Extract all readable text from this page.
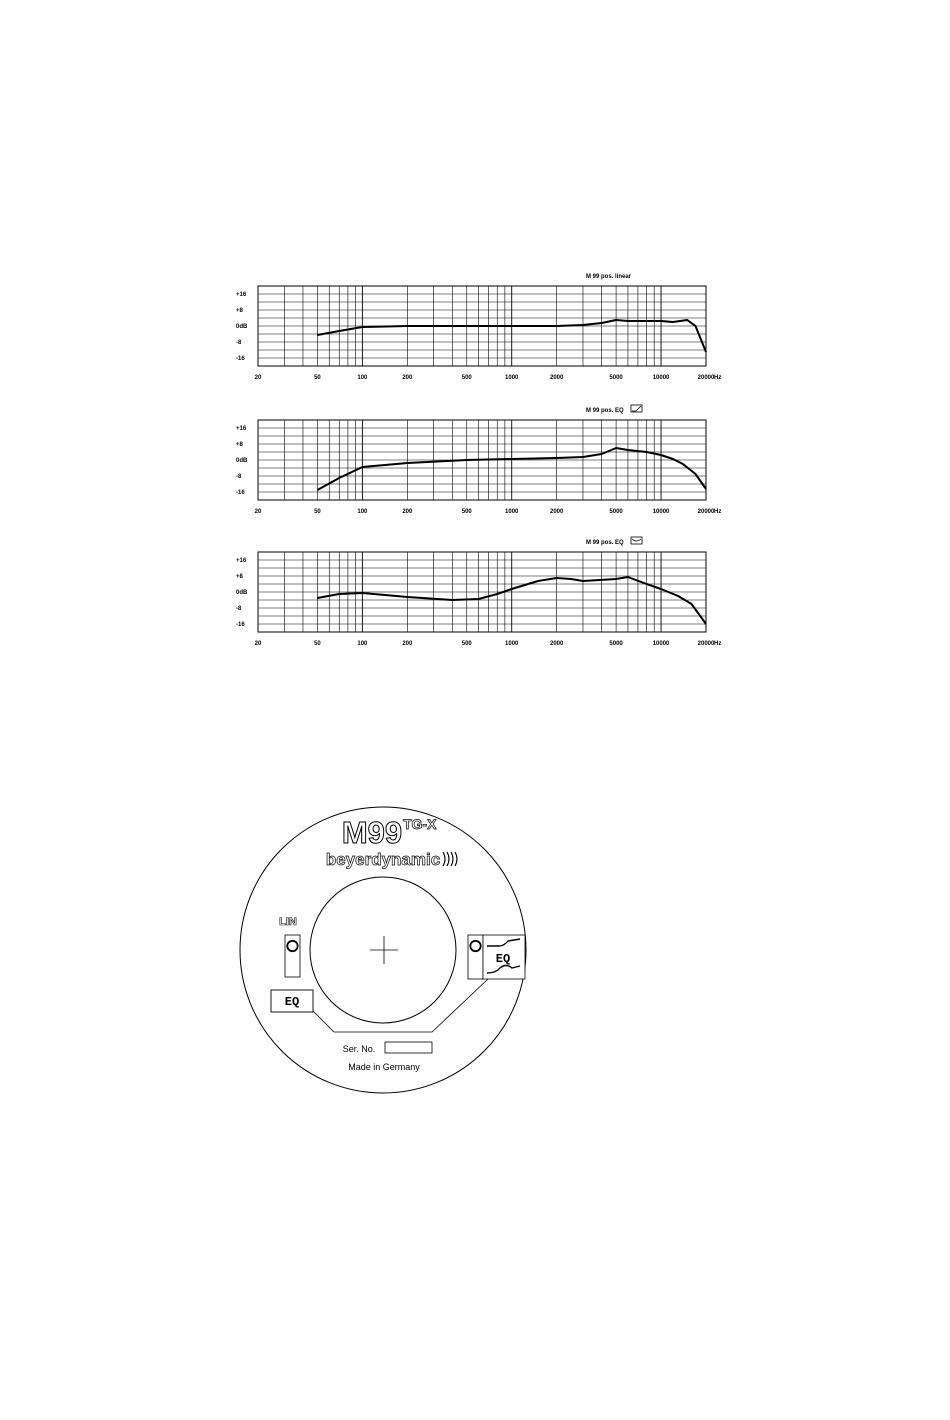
+16
+8
0dB
-8
-16
20	50	100	200	500	1000	2000	5000	10000	20000 Hz
M 99 pos. linear
+16
+8
0dB
-8
-16
20	50	100	200	500	1000	2000	5000	10000	20000 Hz
M 99 pos. EQ
+16
+8
0dB
-8
-16
20	50	100	200	500	1000	2000	5000	10000	20000 Hz
M 99 pos. EQ
M99 TG-X
beyerdynamic
LIN
EQ
EQ
Ser. No.
Made in Germany
